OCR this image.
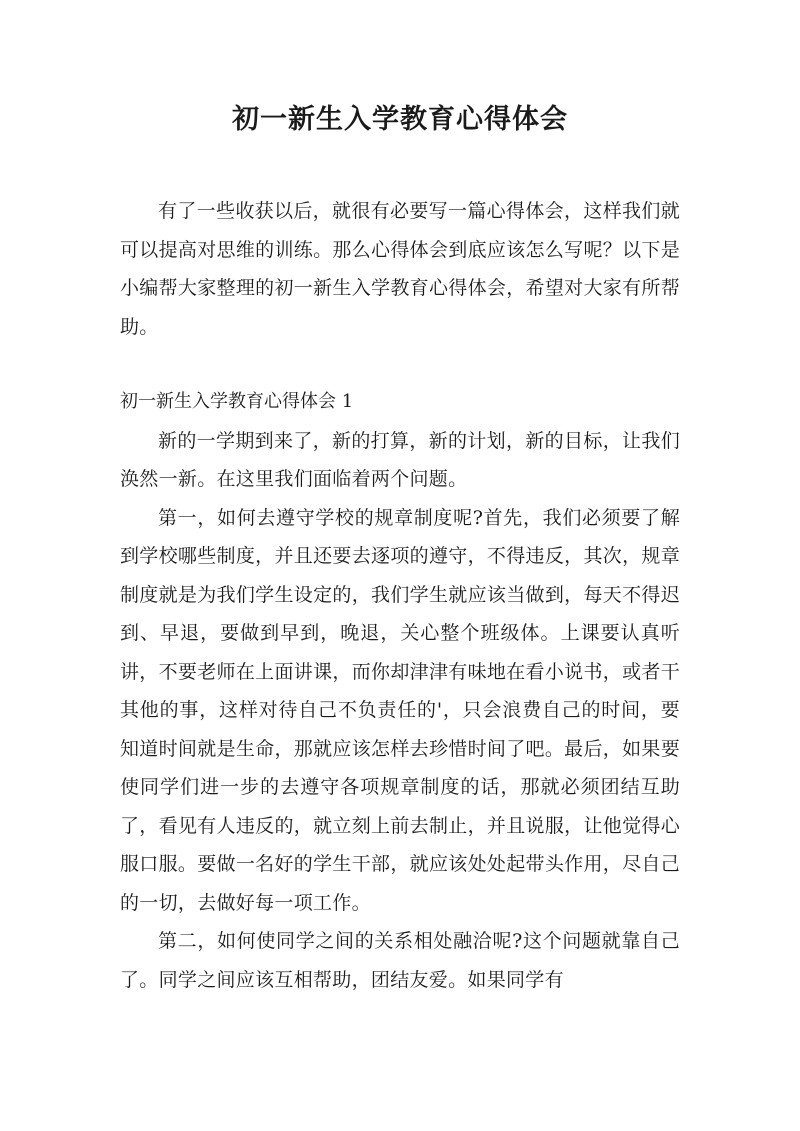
初一新生入学教育心得体会

有了一些收获以后，就很有必要写一篇心得体会，这样我们就可以提高对思维的训练。那么心得体会到底应该怎么写呢？以下是小编帮大家整理的初一新生入学教育心得体会，希望对大家有所帮助。

初一新生入学教育心得体会 1

新的一学期到来了，新的打算，新的计划，新的目标，让我们涣然一新。在这里我们面临着两个问题。

第一，如何去遵守学校的规章制度呢?首先，我们必须要了解到学校哪些制度，并且还要去逐项的遵守，不得违反，其次，规章制度就是为我们学生设定的，我们学生就应该当做到，每天不得迟到、早退，要做到早到，晚退，关心整个班级体。上课要认真听讲，不要老师在上面讲课，而你却津津有味地在看小说书，或者干其他的事，这样对待自己不负责任的'，只会浪费自己的时间，要知道时间就是生命，那就应该怎样去珍惜时间了吧。最后，如果要使同学们进一步的去遵守各项规章制度的话，那就必须团结互助了，看见有人违反的，就立刻上前去制止，并且说服，让他觉得心服口服。要做一名好的学生干部，就应该处处起带头作用，尽自己的一切，去做好每一项工作。

第二，如何使同学之间的关系相处融洽呢?这个问题就靠自己了。同学之间应该互相帮助，团结友爱。如果同学有
